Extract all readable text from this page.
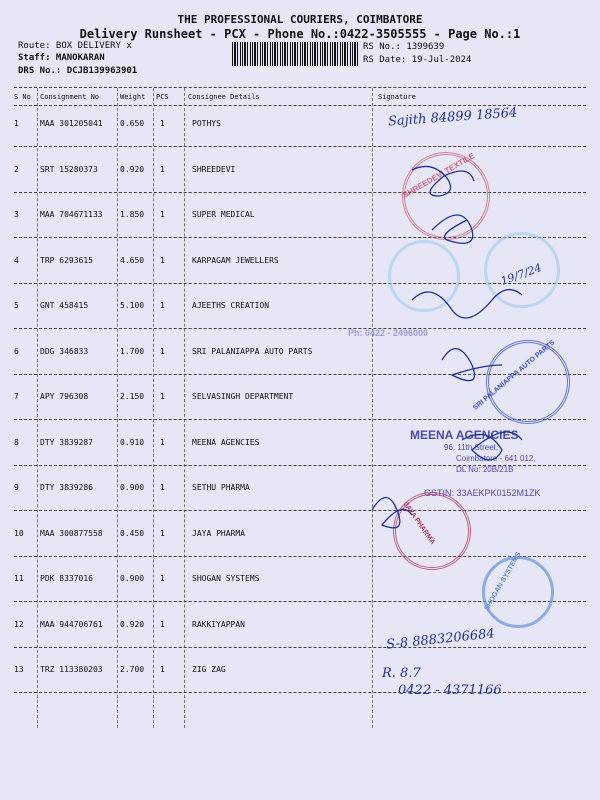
THE PROFESSIONAL COURIERS, COIMBATORE
Delivery Runsheet - PCX - Phone No.:0422-3505555 - Page No.:1
Route: BOX DELIVERY x
Staff: MANOKARAN
DRS No.: DCJB139963901
RS No.: 1399639
RS Date: 19-Jul-2024
S No Consignment No	Weight PCS	Consignee Details	Signature
1	MAA 301205041 0.650 1	POTHYS
2	SRT 15280373	0.920 1	SHREEDEVI
3	MAA 704671133 1.850 1	SUPER MEDICAL
4	TRP 6293615	4.650 1	KARPAGAM JEWELLERS
5	GNT 458415	5.100 1	AJEETHS CREATION
6	DDG 346833	1.700 1	SRI PALANIAPPA AUTO PARTS
7	APY 796308	2.150 1	SELVASINGH DEPARTMENT
8	DTY 3839287	0.910 1	MEENA AGENCIES
9	DTY 3839286	0.900 1	SETHU PHARMA
10 MAA 300877558 0.450 1	JAYA PHARMA
11 PDK 8337016	0.900 1	SHOGAN SYSTEMS
12 MAA 944706761 0.920 1	RAKKIYAPPAN
13 TRZ 113380203 2.700 1	ZIG ZAG
SHREEDEVI TEXTILE
Ph: 0422 - 2496000
SRI PALANIAPPA AUTO PARTS
MEENA AGENCIES
96, 11th Street,
Coimbatore - 641 012,
DL No: 20B/21B
GSTIN: 33AEKPK0152M1ZK
JAYA PHARMA
SHOGAN SYSTEMS
Sajith 84899 18564
19/7/24
S-8 8883206684
R. 8.7
0422 - 4371166
